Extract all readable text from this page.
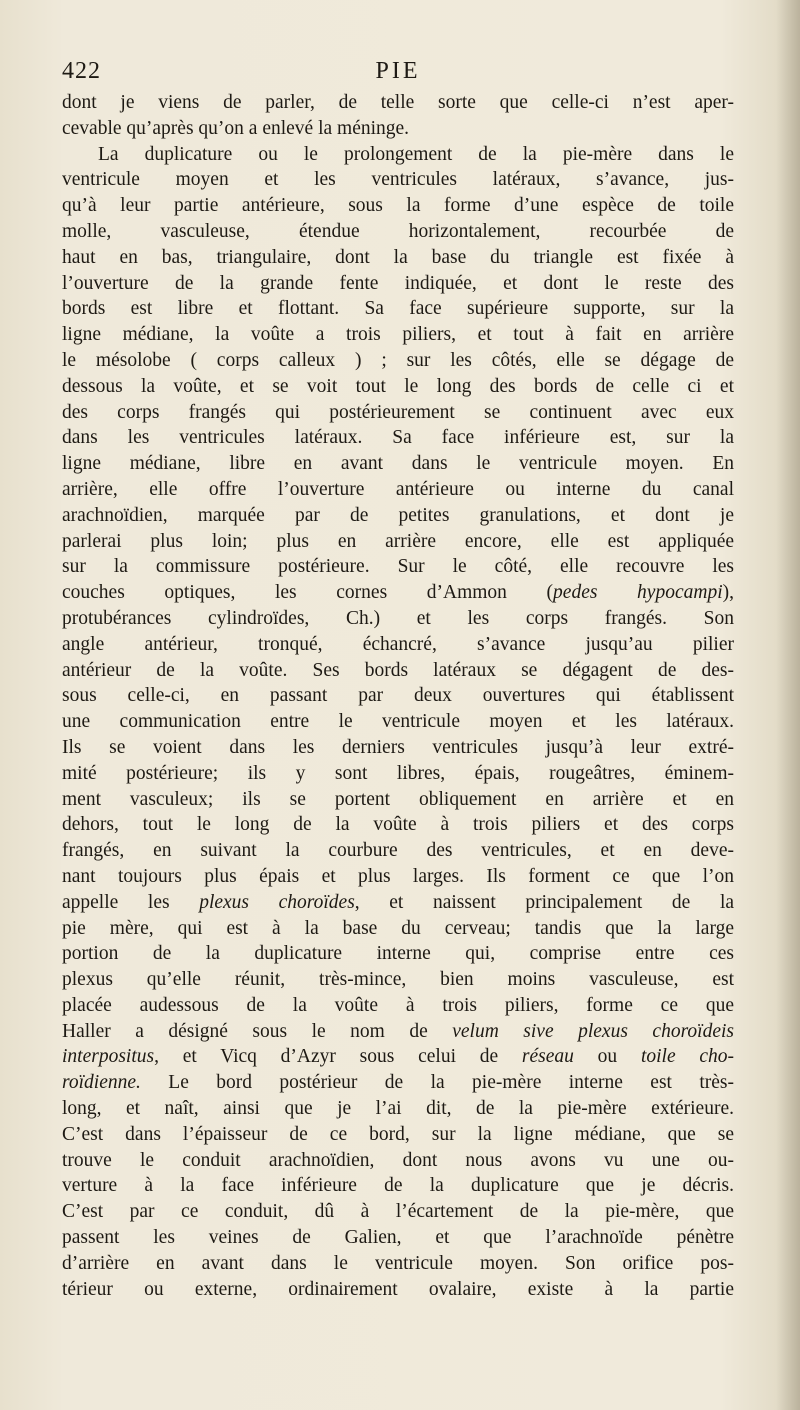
422	PIE
dont je viens de parler, de telle sorte que celle-ci n’est aper-
cevable qu’après qu’on a enlevé la méninge.
La duplicature ou le prolongement de la pie-mère dans le
ventricule moyen et les ventricules latéraux, s’avance, jus-
qu’à leur partie antérieure, sous la forme d’une espèce de toile
molle, vasculeuse, étendue horizontalement, recourbée de
haut en bas, triangulaire, dont la base du triangle est fixée à
l’ouverture de la grande fente indiquée, et dont le reste des
bords est libre et flottant. Sa face supérieure supporte, sur la
ligne médiane, la voûte a trois piliers, et tout à fait en arrière
le mésolobe ( corps calleux ) ; sur les côtés, elle se dégage de
dessous la voûte, et se voit tout le long des bords de celle ci et
des corps frangés qui postérieurement se continuent avec eux
dans les ventricules latéraux. Sa face inférieure est, sur la
ligne médiane, libre en avant dans le ventricule moyen. En
arrière, elle offre l’ouverture antérieure ou interne du canal
arachnoïdien, marquée par de petites granulations, et dont je
parlerai plus loin; plus en arrière encore, elle est appliquée
sur la commissure postérieure. Sur le côté, elle recouvre les
couches optiques, les cornes d’Ammon (pedes hypocampi),
protubérances cylindroïdes, Ch.) et les corps frangés. Son
angle antérieur, tronqué, échancré, s’avance jusqu’au pilier
antérieur de la voûte. Ses bords latéraux se dégagent de des-
sous celle-ci, en passant par deux ouvertures qui établissent
une communication entre le ventricule moyen et les latéraux.
Ils se voient dans les derniers ventricules jusqu’à leur extré-
mité postérieure; ils y sont libres, épais, rougeâtres, éminem-
ment vasculeux; ils se portent obliquement en arrière et en
dehors, tout le long de la voûte à trois piliers et des corps
frangés, en suivant la courbure des ventricules, et en deve-
nant toujours plus épais et plus larges. Ils forment ce que l’on
appelle les plexus choroïdes, et naissent principalement de la
pie mère, qui est à la base du cerveau; tandis que la large
portion de la duplicature interne qui, comprise entre ces
plexus qu’elle réunit, très-mince, bien moins vasculeuse, est
placée audessous de la voûte à trois piliers, forme ce que
Haller a désigné sous le nom de velum sive plexus choroïdeis
interpositus, et Vicq d’Azyr sous celui de réseau ou toile cho-
roïdienne. Le bord postérieur de la pie-mère interne est très-
long, et naît, ainsi que je l’ai dit, de la pie-mère extérieure.
C’est dans l’épaisseur de ce bord, sur la ligne médiane, que se
trouve le conduit arachnoïdien, dont nous avons vu une ou-
verture à la face inférieure de la duplicature que je décris.
C’est par ce conduit, dû à l’écartement de la pie-mère, que
passent les veines de Galien, et que l’arachnoïde pénètre
d’arrière en avant dans le ventricule moyen. Son orifice pos-
térieur ou externe, ordinairement ovalaire, existe à la partie
